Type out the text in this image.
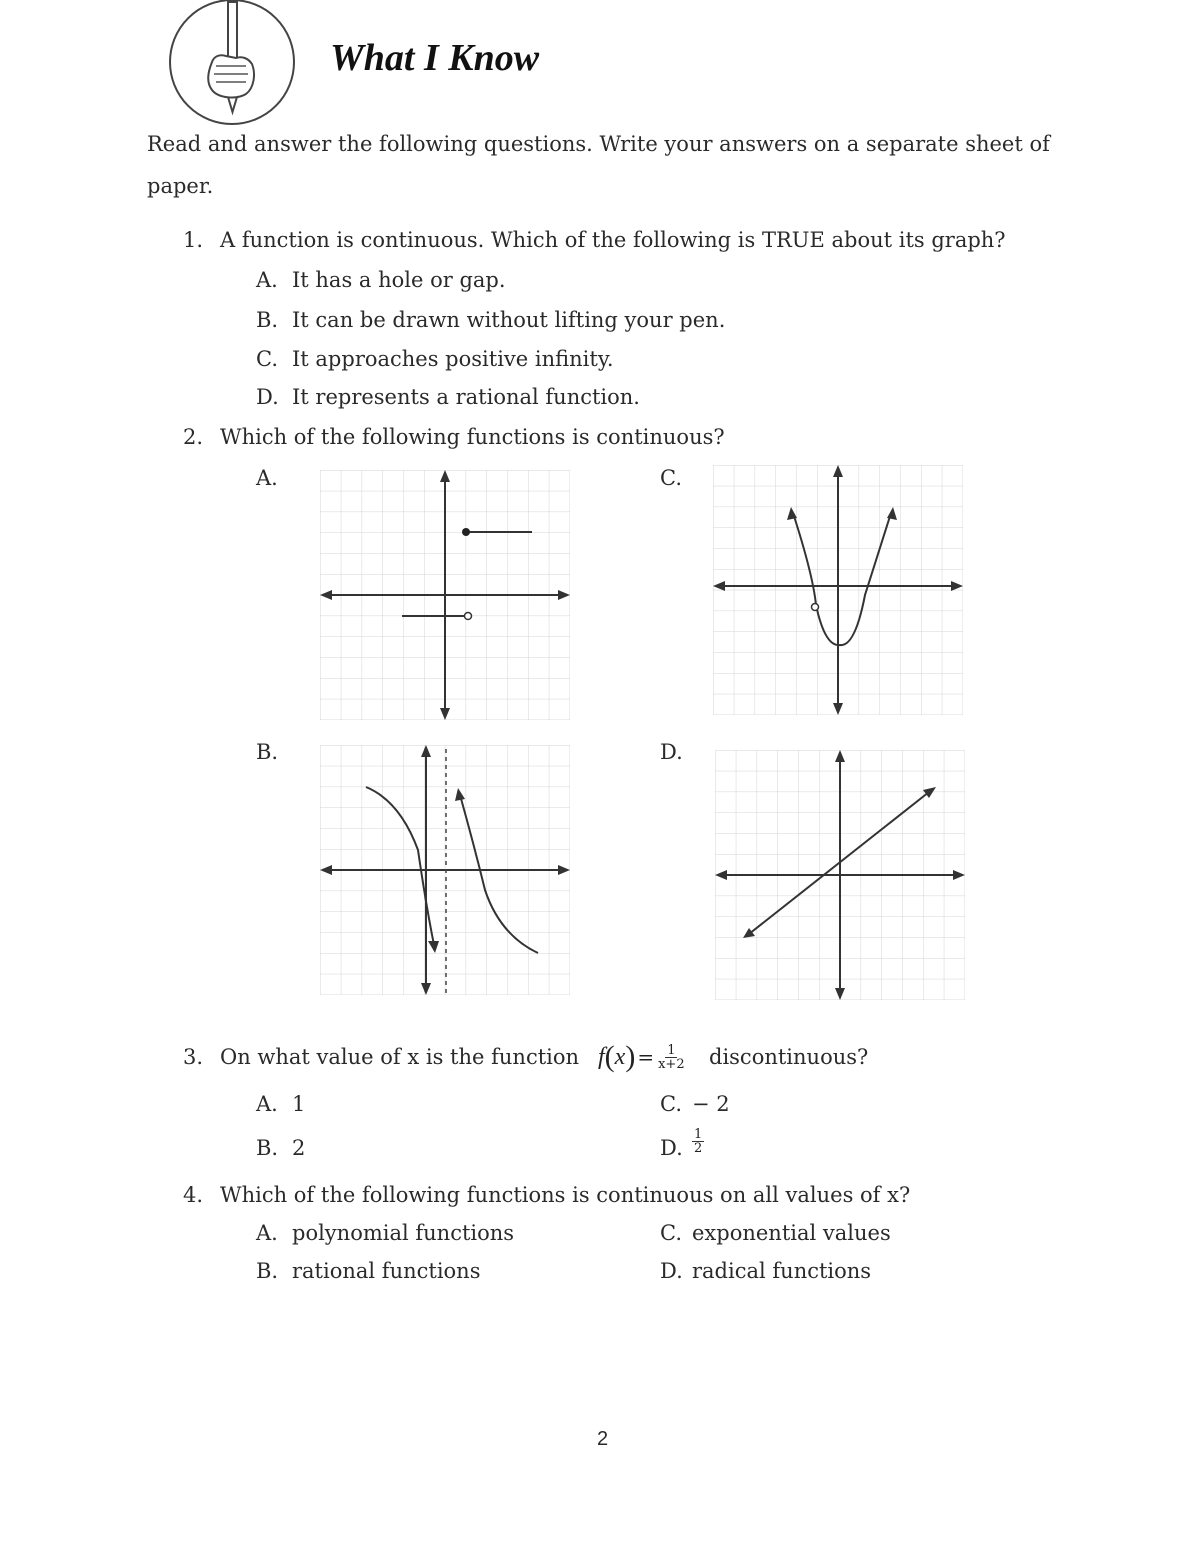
What I Know
Read and answer the following questions. Write your answers on a separate sheet of
paper.
1. A function is continuous. Which of the following is TRUE about its graph?
A. It has a hole or gap.
B. It can be drawn without lifting your pen.
C. It approaches positive infinity.
D. It represents a rational function.
2. Which of the following functions is continuous?
A.	C.
B.	D.
3. On what value of x is the function f ( x ) = $\frac{1}{x+2}$ discontinuous?
A. 1	C. − 2
B. 2	D. $\frac{1}{2}$
4. Which of the following functions is continuous on all values of x?
A. polynomial functions	C. exponential values
B. rational functions	D. radical functions
2
